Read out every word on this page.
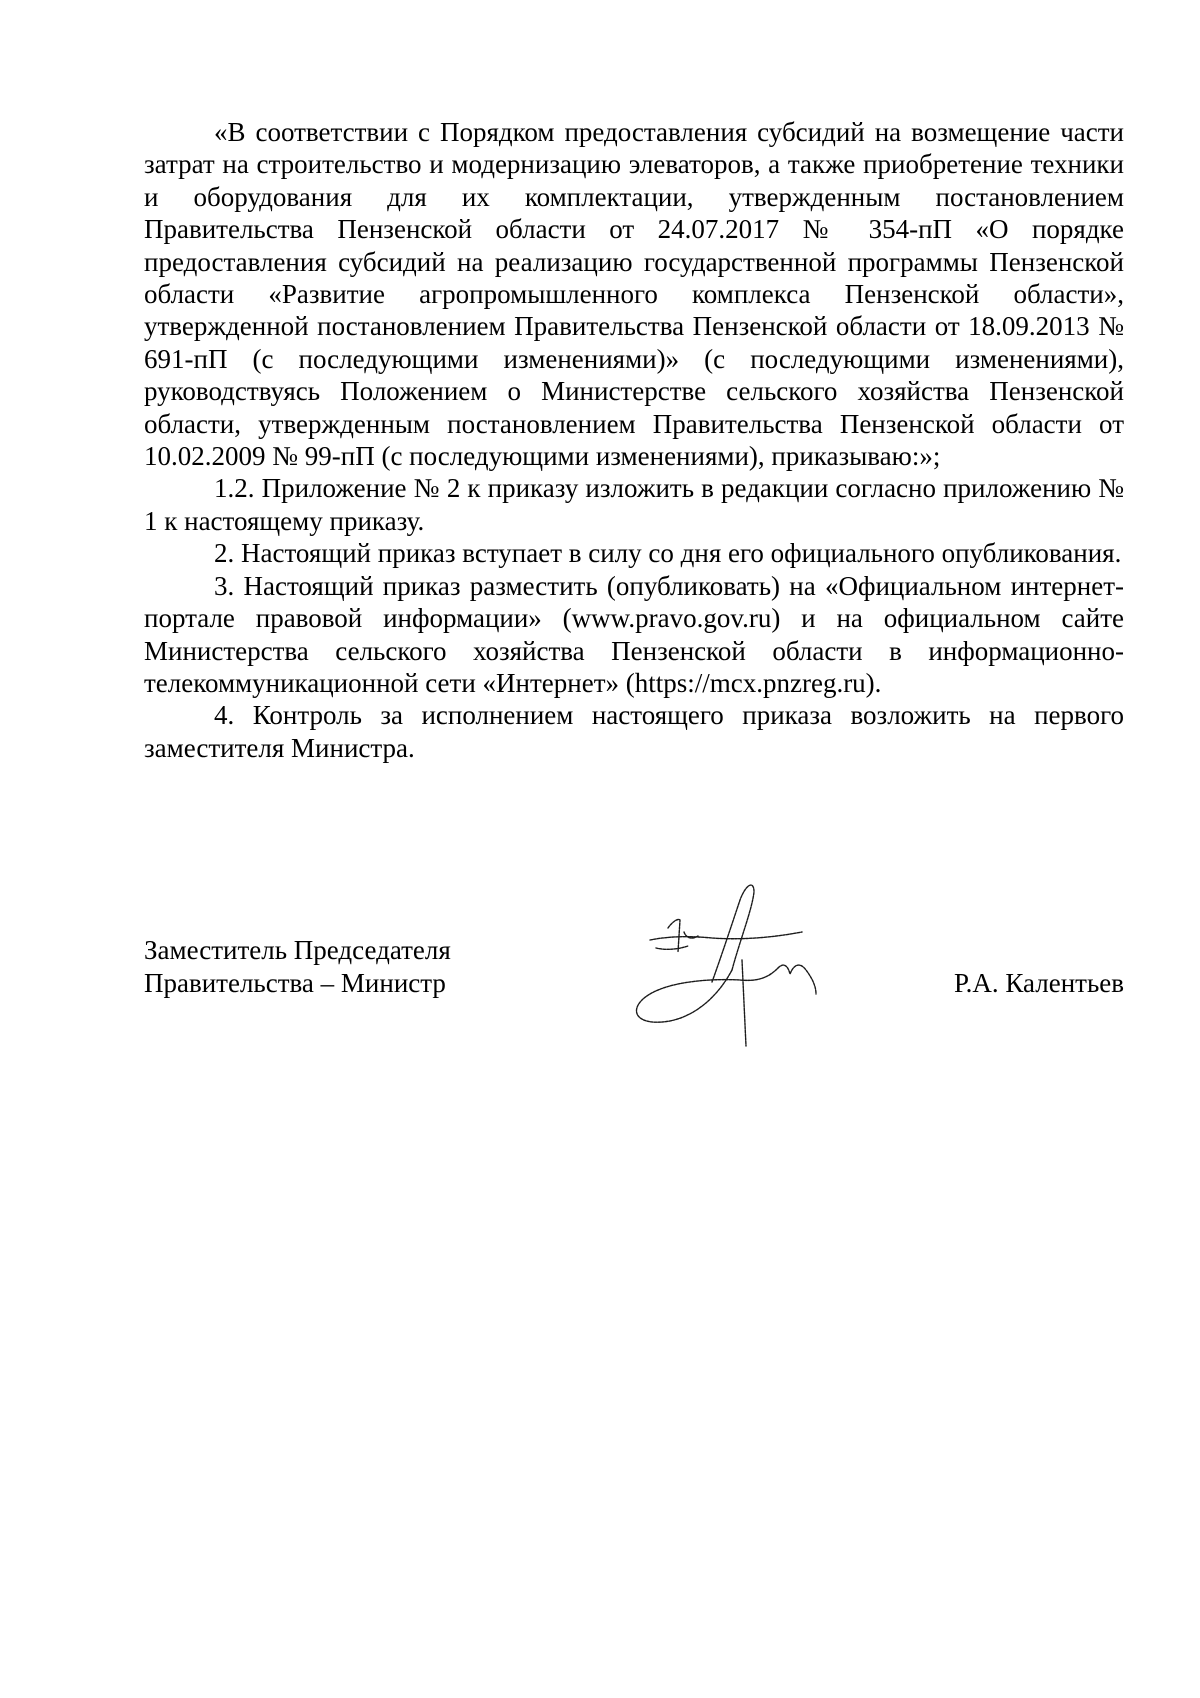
«В соответствии с Порядком предоставления субсидий на возмещение части затрат на строительство и модернизацию элеваторов, а также приобретение техники и оборудования для их комплектации, утвержденным постановлением Правительства Пензенской области от 24.07.2017 № 354-пП «О порядке предоставления субсидий на реализацию государственной программы Пензенской области «Развитие агропромышленного комплекса Пензенской области», утвержденной постановлением Правительства Пензенской области от 18.09.2013 № 691-пП (с последующими изменениями)» (с последующими изменениями), руководствуясь Положением о Министерстве сельского хозяйства Пензенской области, утвержденным постановлением Правительства Пензенской области от 10.02.2009 № 99-пП (с последующими изменениями), приказываю:»;

1.2. Приложение № 2 к приказу изложить в редакции согласно приложению № 1 к настоящему приказу.

2. Настоящий приказ вступает в силу со дня его официального опубликования.

3. Настоящий приказ разместить (опубликовать) на «Официальном интернет-портале правовой информации» (www.pravo.gov.ru) и на официальном сайте Министерства сельского хозяйства Пензенской области в информационно-телекоммуникационной сети «Интернет» (https://mcx.pnzreg.ru).

4. Контроль за исполнением настоящего приказа возложить на первого заместителя Министра.

Заместитель Председателя
Правительства – Министр	Р.А. Калентьев
